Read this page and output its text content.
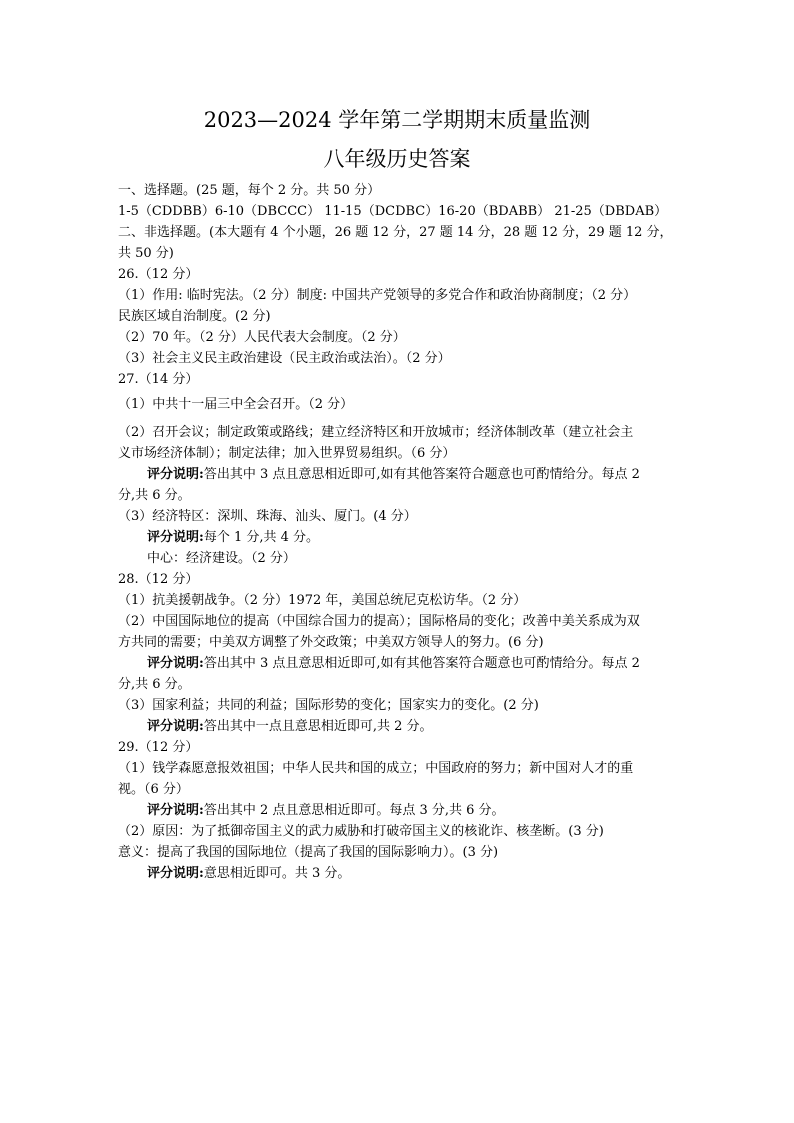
2023—2024 学年第二学期期末质量监测
八年级历史答案
一、选择题。(25 题，每个 2 分。共 50 分）
1-5（CDDBB）6-10（DBCCC） 11-15（DCDBC）16-20（BDABB） 21-25（DBDAB）
二、非选择题。(本大题有 4 个小题，26 题 12 分，27 题 14 分，28 题 12 分，29 题 12 分，
共 50 分)
26.（12 分）
（1）作用: 临时宪法。（2 分）制度: 中国共产党领导的多党合作和政治协商制度；（2 分）
民族区域自治制度。(2 分)
（2）70 年。（2 分）人民代表大会制度。（2 分）
（3）社会主义民主政治建设（民主政治或法治）。（2 分）
27.（14 分）
（1）中共十一届三中全会召开。（2 分）
（2）召开会议；制定政策或路线；建立经济特区和开放城市；经济体制改革（建立社会主
义市场经济体制）；制定法律；加入世界贸易组织。（6 分）
评分说明:答出其中 3 点且意思相近即可,如有其他答案符合题意也可酌情给分。每点 2
分,共 6 分。
（3）经济特区：深圳、珠海、汕头、厦门。(4 分）
评分说明:每个 1 分,共 4 分。
中心：经济建设。（2 分）
28.（12 分）
（1）抗美援朝战争。（2 分）1972 年，美国总统尼克松访华。（2 分）
（2）中国国际地位的提高（中国综合国力的提高）；国际格局的变化；改善中美关系成为双
方共同的需要；中美双方调整了外交政策；中美双方领导人的努力。(6 分)
评分说明:答出其中 3 点且意思相近即可,如有其他答案符合题意也可酌情给分。每点 2
分,共 6 分。
（3）国家利益；共同的利益；国际形势的变化；国家实力的变化。(2 分)
评分说明:答出其中一点且意思相近即可,共 2 分。
29.（12 分）
（1）钱学森愿意报效祖国；中华人民共和国的成立；中国政府的努力；新中国对人才的重
视。（6 分）
评分说明:答出其中 2 点且意思相近即可。每点 3 分,共 6 分。
（2）原因：为了抵御帝国主义的武力威胁和打破帝国主义的核讹诈、核垄断。(3 分)
意义：提高了我国的国际地位（提高了我国的国际影响力）。(3 分)
评分说明:意思相近即可。共 3 分。
